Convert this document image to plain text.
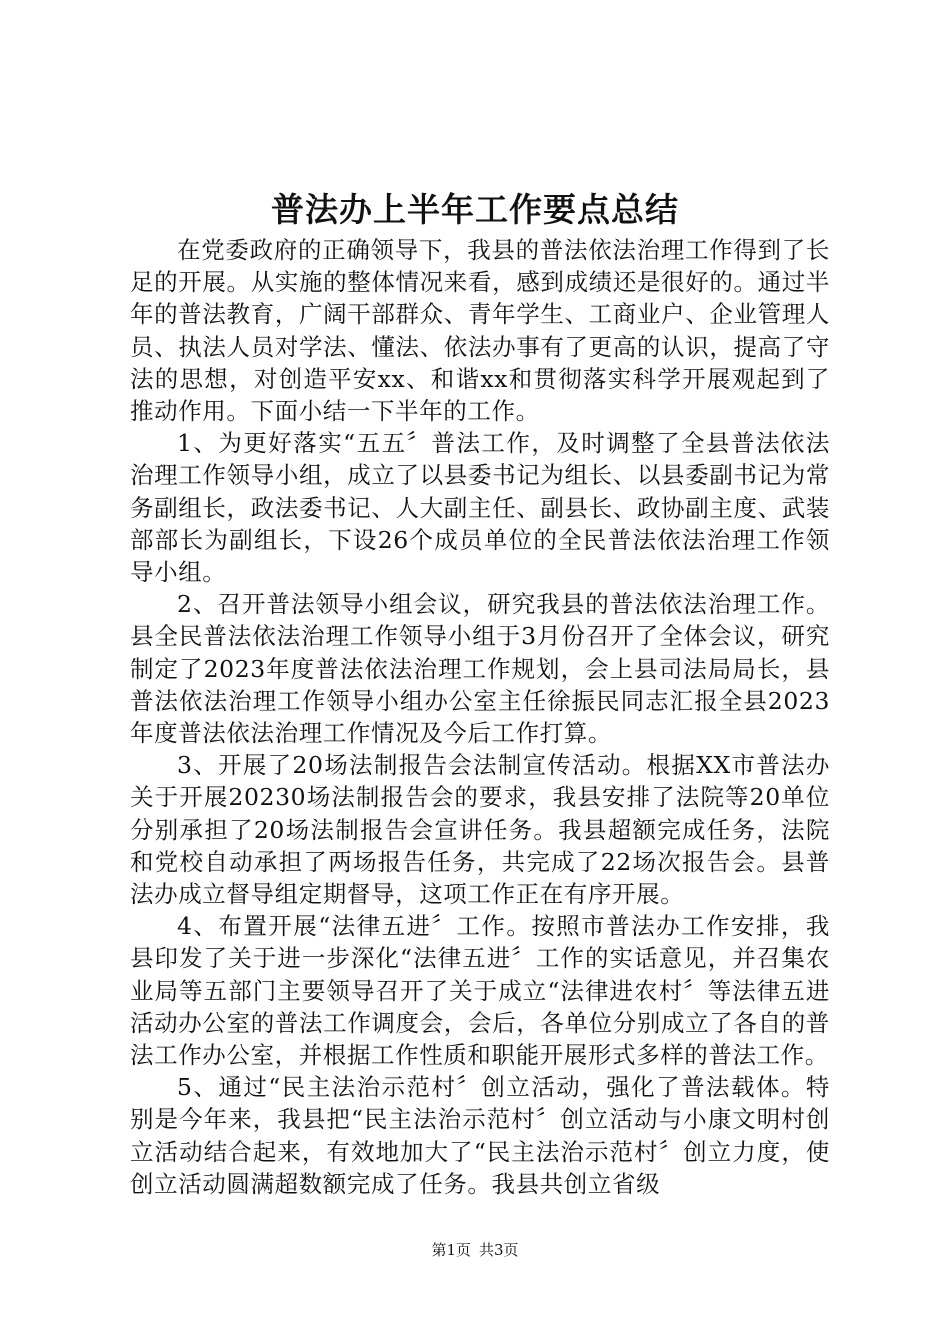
普法办上半年工作要点总结

在党委政府的正确领导下，我县的普法依法治理工作得到了长足的开展。从实施的整体情况来看，感到成绩还是很好的。通过半年的普法教育，广阔干部群众、青年学生、工商业户、企业管理人员、执法人员对学法、懂法、依法办事有了更高的认识，提高了守法的思想，对创造平安xx、和谐xx和贯彻落实科学开展观起到了推动作用。下面小结一下半年的工作。

1、为更好落实“五五〞普法工作，及时调整了全县普法依法治理工作领导小组，成立了以县委书记为组长、以县委副书记为常务副组长，政法委书记、人大副主任、副县长、政协副主度、武装部部长为副组长，下设26个成员单位的全民普法依法治理工作领导小组。

2、召开普法领导小组会议，研究我县的普法依法治理工作。县全民普法依法治理工作领导小组于3月份召开了全体会议，研究制定了2023年度普法依法治理工作规划，会上县司法局局长，县普法依法治理工作领导小组办公室主任徐振民同志汇报全县2023年度普法依法治理工作情况及今后工作打算。

3、开展了20场法制报告会法制宣传活动。根据XX市普法办关于开展20230场法制报告会的要求，我县安排了法院等20单位分别承担了20场法制报告会宣讲任务。我县超额完成任务，法院和党校自动承担了两场报告任务，共完成了22场次报告会。县普法办成立督导组定期督导，这项工作正在有序开展。

4、布置开展“法律五进〞工作。按照市普法办工作安排，我县印发了关于进一步深化“法律五进〞工作的实话意见，并召集农业局等五部门主要领导召开了关于成立“法律进农村〞等法律五进活动办公室的普法工作调度会，会后，各单位分别成立了各自的普法工作办公室，并根据工作性质和职能开展形式多样的普法工作。

5、通过“民主法治示范村〞创立活动，强化了普法载体。特别是今年来，我县把“民主法治示范村〞创立活动与小康文明村创立活动结合起来，有效地加大了“民主法治示范村〞创立力度，使创立活动圆满超数额完成了任务。我县共创立省级

第1页 共3页
